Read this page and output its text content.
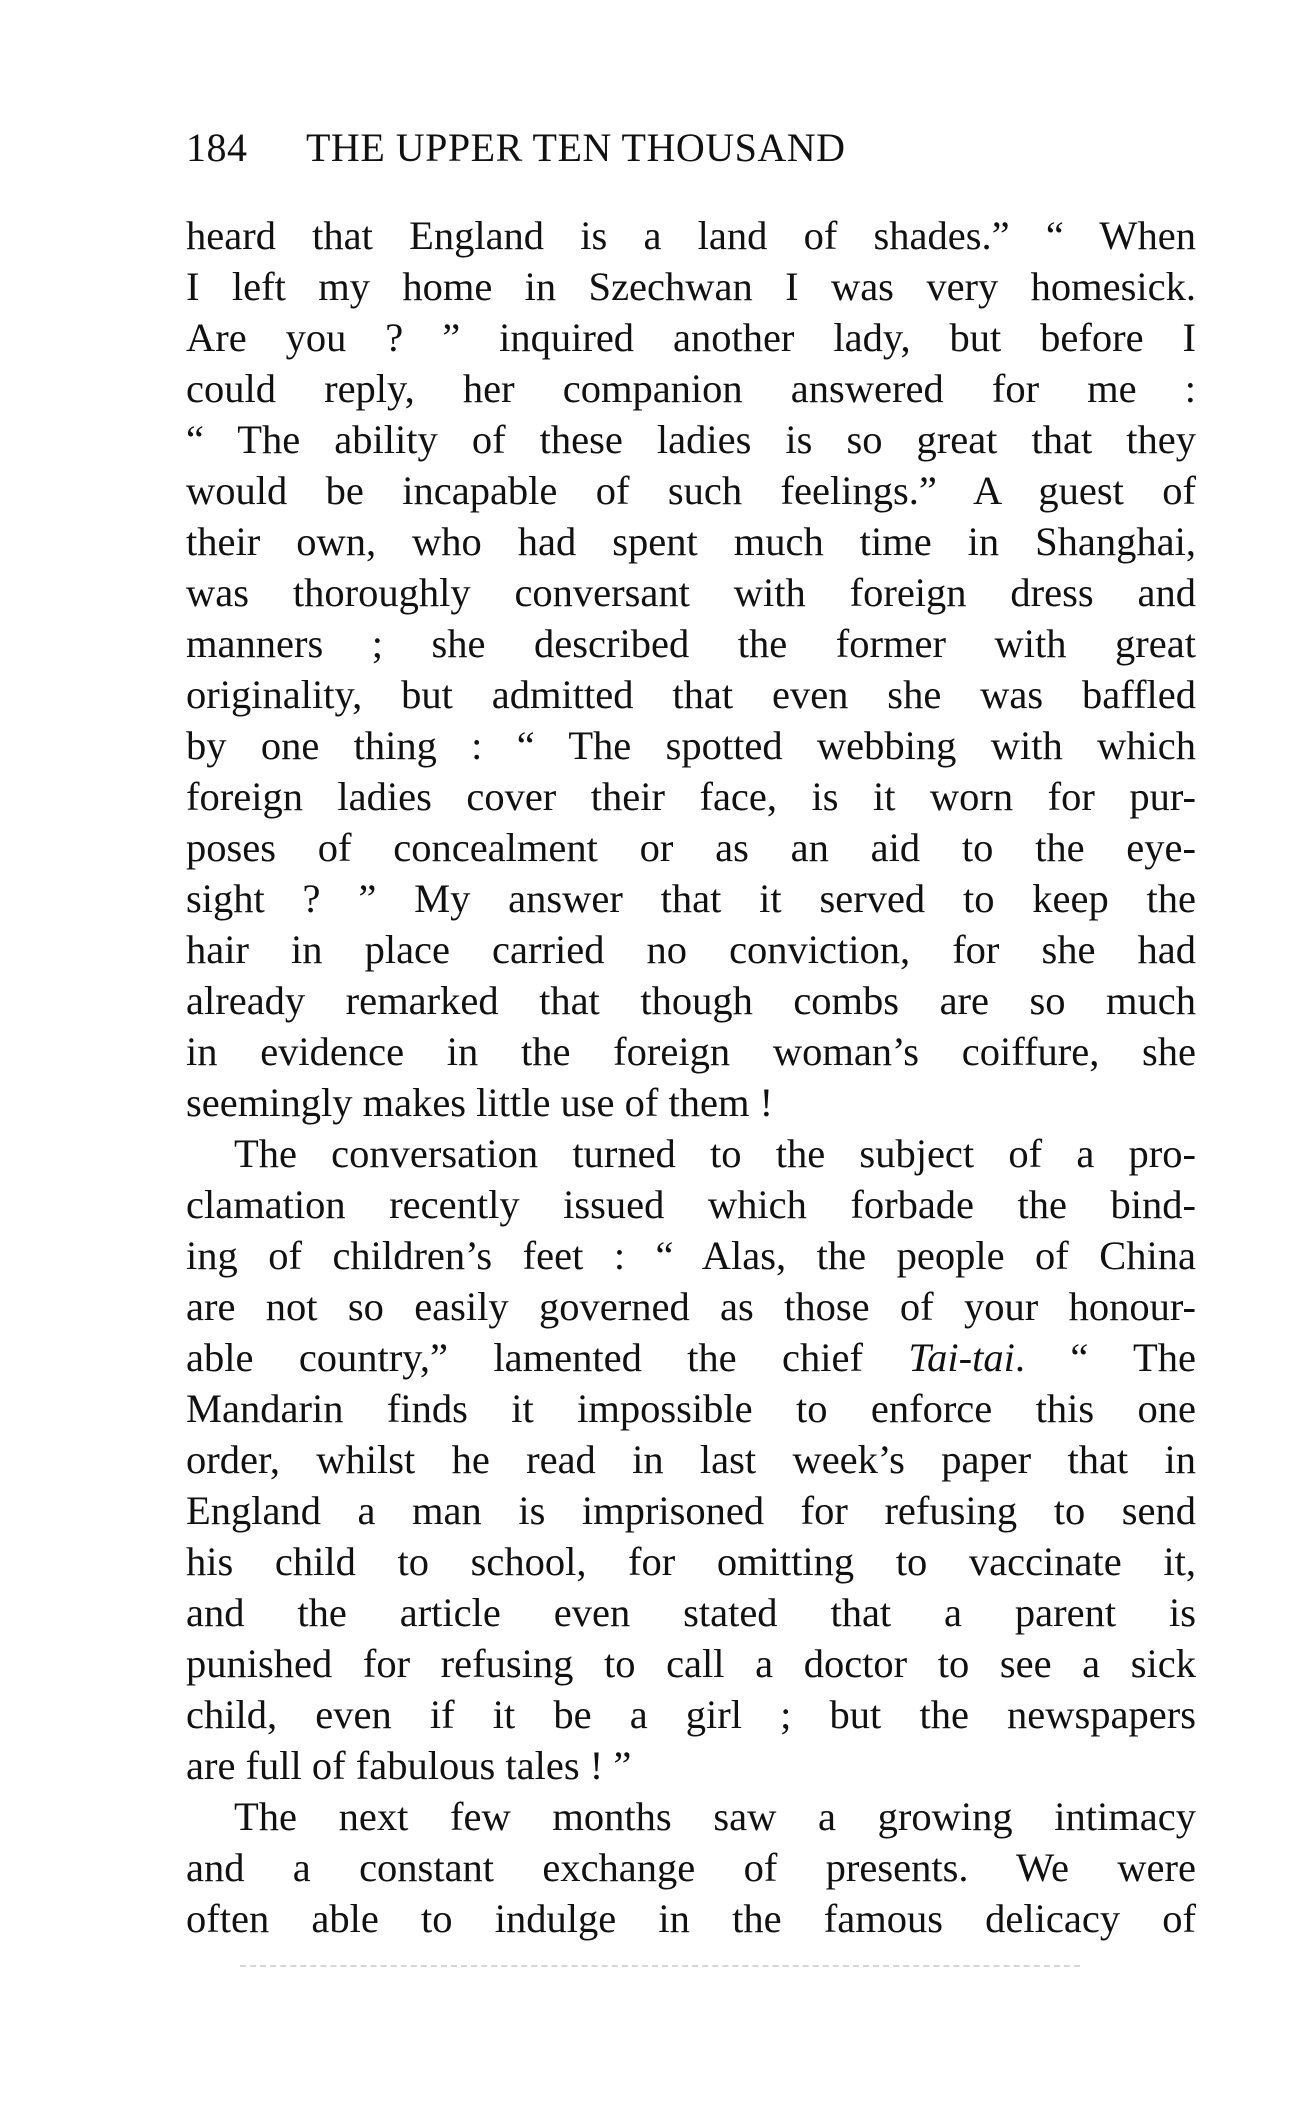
184 THE UPPER TEN THOUSAND
heard that England is a land of shades.” “ When
I left my home in Szechwan I was very homesick.
Are you ? ” inquired another lady, but before I
could reply, her companion answered for me :
“ The ability of these ladies is so great that they
would be incapable of such feelings.” A guest of
their own, who had spent much time in Shanghai,
was thoroughly conversant with foreign dress and
manners ; she described the former with great
originality, but admitted that even she was baffled
by one thing : “ The spotted webbing with which
foreign ladies cover their face, is it worn for pur-
poses of concealment or as an aid to the eye-
sight ? ” My answer that it served to keep the
hair in place carried no conviction, for she had
already remarked that though combs are so much
in evidence in the foreign woman’s coiffure, she
seemingly makes little use of them !
The conversation turned to the subject of a pro-
clamation recently issued which forbade the bind-
ing of children’s feet : “ Alas, the people of China
are not so easily governed as those of your honour-
able country,” lamented the chief Tai-tai. “ The
Mandarin finds it impossible to enforce this one
order, whilst he read in last week’s paper that in
England a man is imprisoned for refusing to send
his child to school, for omitting to vaccinate it,
and the article even stated that a parent is
punished for refusing to call a doctor to see a sick
child, even if it be a girl ; but the newspapers
are full of fabulous tales ! ”
The next few months saw a growing intimacy
and a constant exchange of presents. We were
often able to indulge in the famous delicacy of
